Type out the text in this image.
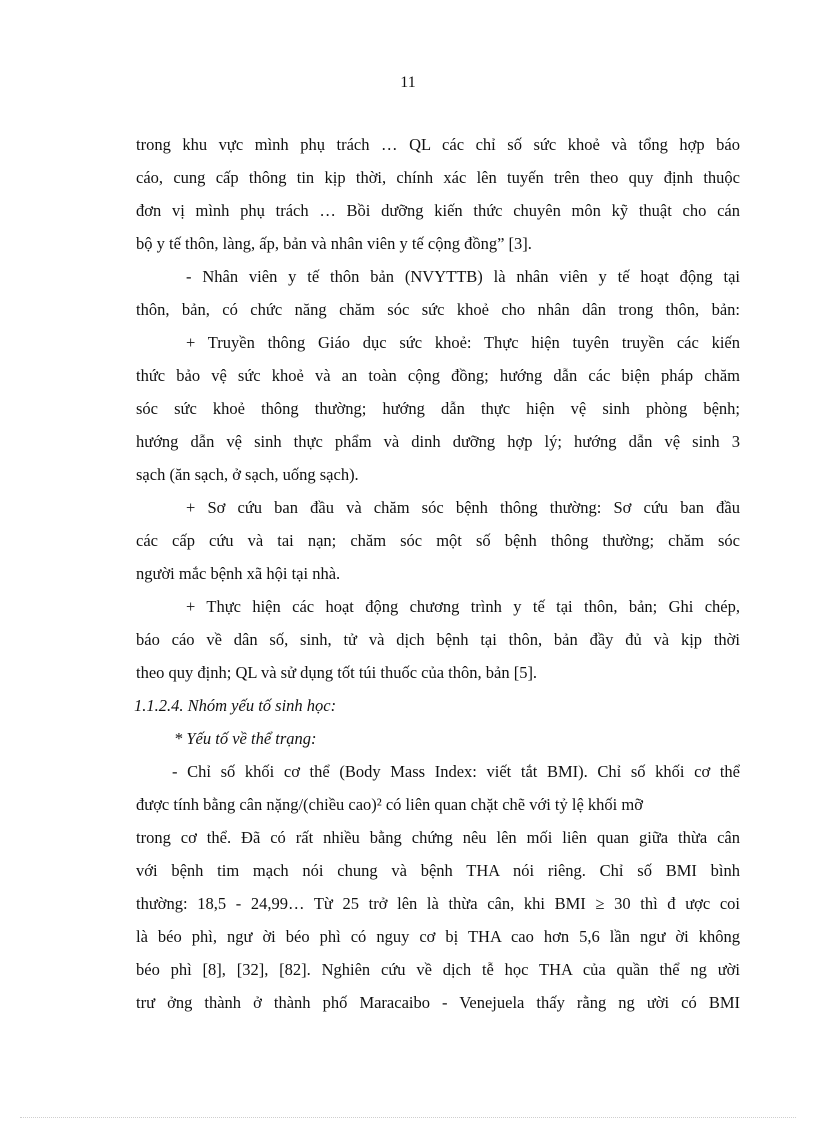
11
trong khu vực mình phụ trách … QL các chỉ số sức khoẻ và tổng hợp báo
cáo, cung cấp thông tin kịp thời, chính xác lên tuyến trên theo quy định thuộc
đơn vị mình phụ trách … Bồi dưỡng kiến thức chuyên môn kỹ thuật cho cán
bộ y tế thôn, làng, ấp, bản và nhân viên y tế cộng đồng” [3].
- Nhân viên y tế thôn bản (NVYTTB) là nhân viên y tế hoạt động tại
thôn, bản, có chức năng chăm sóc sức khoẻ cho nhân dân trong thôn, bản:
+ Truyền thông Giáo dục sức khoẻ: Thực hiện tuyên truyền các kiến
thức bảo vệ sức khoẻ và an toàn cộng đồng; hướng dẫn các biện pháp chăm
sóc sức khoẻ thông thường; hướng dẫn thực hiện vệ sinh phòng bệnh;
hướng dẫn vệ sinh thực phẩm và dinh dưỡng hợp lý; hướng dẫn vệ sinh 3
sạch (ăn sạch, ở sạch, uống sạch).
+ Sơ cứu ban đầu và chăm sóc bệnh thông thường: Sơ cứu ban đầu
các cấp cứu và tai nạn; chăm sóc một số bệnh thông thường; chăm sóc
người mắc bệnh xã hội tại nhà.
+ Thực hiện các hoạt động chương trình y tế tại thôn, bản; Ghi chép,
báo cáo về dân số, sinh, tử và dịch bệnh tại thôn, bản đầy đủ và kịp thời
theo quy định; QL và sử dụng tốt túi thuốc của thôn, bản [5].
1.1.2.4. Nhóm yếu tố sinh học:
* Yếu tố về thể trạng:
- Chỉ số khối cơ thể (Body Mass Index: viết tắt BMI). Chỉ số khối cơ thể
được tính bằng cân nặng/(chiều cao)² có liên quan chặt chẽ với tỷ lệ khối mỡ
trong cơ thể. Đã có rất nhiều bằng chứng nêu lên mối liên quan giữa thừa cân
với bệnh tim mạch nói chung và bệnh THA nói riêng. Chỉ số BMI bình
thường: 18,5 - 24,99… Từ 25 trở lên là thừa cân, khi BMI ≥ 30 thì đ ược coi
là béo phì, ngư ời béo phì có nguy cơ bị THA cao hơn 5,6 lần ngư ời không
béo phì [8], [32], [82]. Nghiên cứu về dịch tễ học THA của quần thể ng ười
trư ởng thành ở thành phố Maracaibo - Venejuela thấy rằng ng ười có BMI
